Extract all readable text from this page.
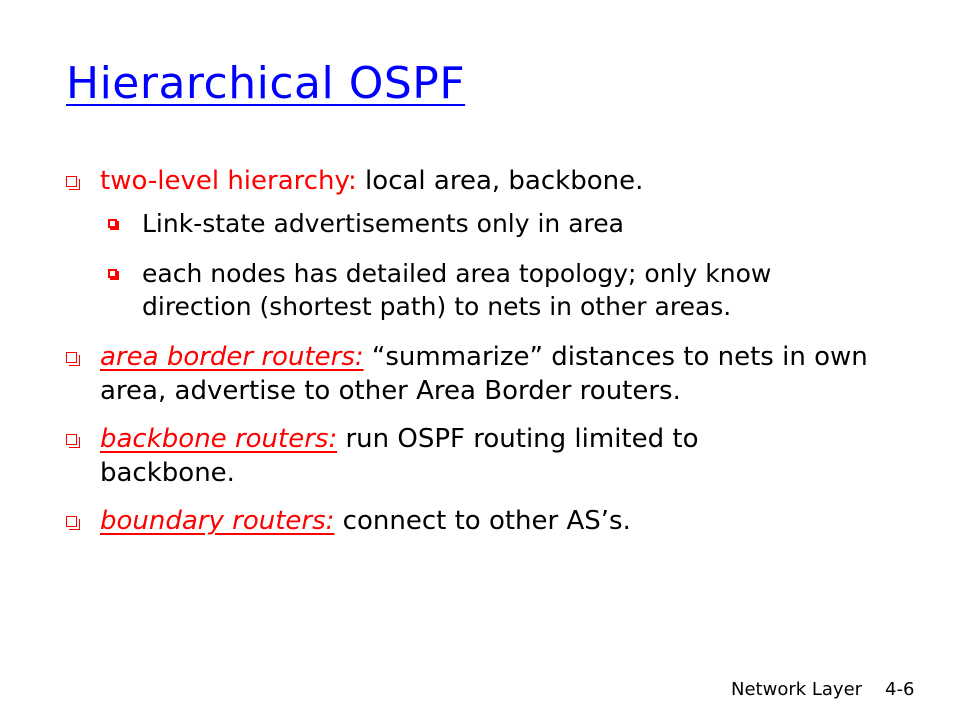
Hierarchical OSPF
two-level hierarchy: local area, backbone.
Link-state advertisements only in area
each nodes has detailed area topology; only know direction (shortest path) to nets in other areas.
area border routers: “summarize” distances to nets in own area, advertise to other Area Border routers.
backbone routers: run OSPF routing limited to backbone.
boundary routers: connect to other AS’s.
Network Layer 4-6
